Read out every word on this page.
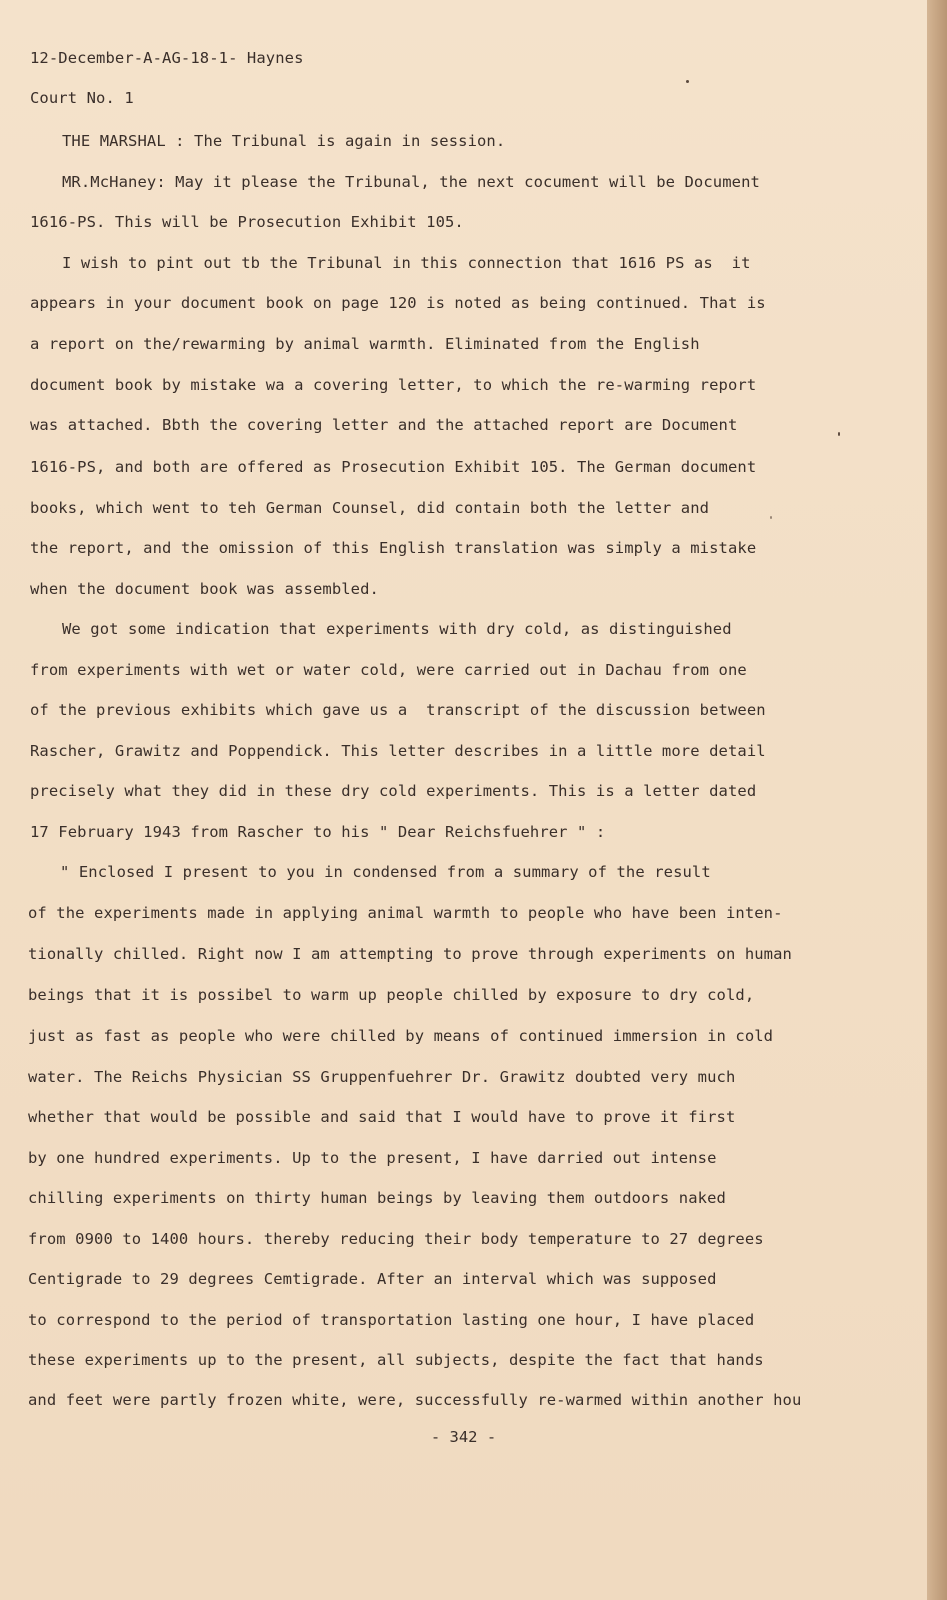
12-December-A-AG-18-1- Haynes
Court No. 1
THE MARSHAL : The Tribunal is again in session.
MR.McHaney: May it please the Tribunal, the next cocument will be Document
1616-PS. This will be Prosecution Exhibit 105.
I wish to pint out tb the Tribunal in this connection that 1616 PS as  it
appears in your document book on page 120 is noted as being continued. That is
a report on the/rewarming by animal warmth. Eliminated from the English
document book by mistake wa a covering letter, to which the re-warming report
was attached. Bbth the covering letter and the attached report are Document
1616-PS, and both are offered as Prosecution Exhibit 105. The German document
books, which went to teh German Counsel, did contain both the letter and
the report, and the omission of this English translation was simply a mistake
when the document book was assembled.
We got some indication that experiments with dry cold, as distinguished
from experiments with wet or water cold, were carried out in Dachau from one
of the previous exhibits which gave us a  transcript of the discussion between
Rascher, Grawitz and Poppendick. This letter describes in a little more detail
precisely what they did in these dry cold experiments. This is a letter dated
17 February 1943 from Rascher to his " Dear Reichsfuehrer " :
" Enclosed I present to you in condensed from a summary of the result
of the experiments made in applying animal warmth to people who have been inten-
tionally chilled. Right now I am attempting to prove through experiments on human
beings that it is possibel to warm up people chilled by exposure to dry cold,
just as fast as people who were chilled by means of continued immersion in cold
water. The Reichs Physician SS Gruppenfuehrer Dr. Grawitz doubted very much
whether that would be possible and said that I would have to prove it first
by one hundred experiments. Up to the present, I have darried out intense
chilling experiments on thirty human beings by leaving them outdoors naked
from 0900 to 1400 hours. thereby reducing their body temperature to 27 degrees
Centigrade to 29 degrees Cemtigrade. After an interval which was supposed
to correspond to the period of transportation lasting one hour, I have placed
these experiments up to the present, all subjects, despite the fact that hands
and feet were partly frozen white, were, successfully re-warmed within another hou
- 342 -
